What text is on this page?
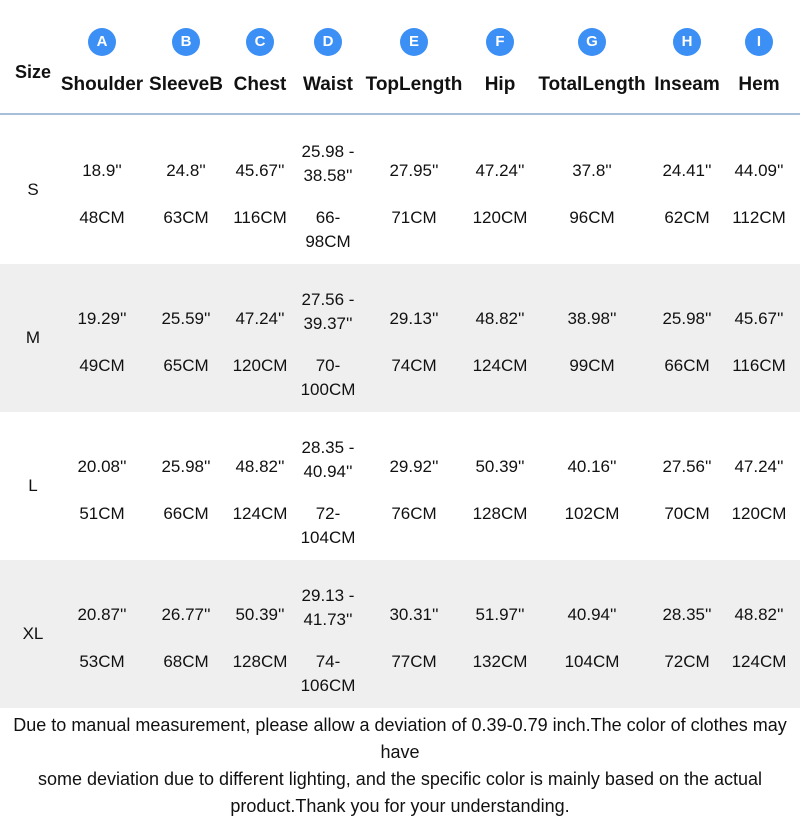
Size
A
Shoulder
B
SleeveB
C
Chest
D
Waist
E
TopLength
F
Hip
G
TotalLength
H
Inseam
I
Hem
S
18.9''
48CM
24.8''
63CM
45.67''
116CM
25.98 -
38.58''
66-
98CM
27.95''
71CM
47.24''
120CM
37.8''
96CM
24.41''
62CM
44.09''
112CM
M
19.29''
49CM
25.59''
65CM
47.24''
120CM
27.56 -
39.37''
70-
100CM
29.13''
74CM
48.82''
124CM
38.98''
99CM
25.98''
66CM
45.67''
116CM
L
20.08''
51CM
25.98''
66CM
48.82''
124CM
28.35 -
40.94''
72-
104CM
29.92''
76CM
50.39''
128CM
40.16''
102CM
27.56''
70CM
47.24''
120CM
XL
20.87''
53CM
26.77''
68CM
50.39''
128CM
29.13 -
41.73''
74-
106CM
30.31''
77CM
51.97''
132CM
40.94''
104CM
28.35''
72CM
48.82''
124CM
Due to manual measurement, please allow a deviation of 0.39-0.79 inch.The color of clothes may have
some deviation due to different lighting, and the specific color is mainly based on the actual
product.Thank you for your understanding.
